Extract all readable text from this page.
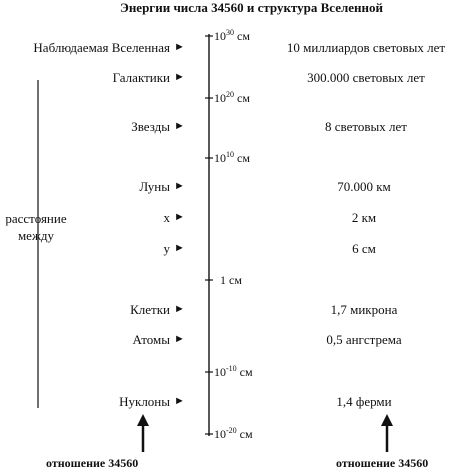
Энергии числа 34560 и структура Вселенной
расстояние
между
Наблюдаемая Вселенная
Галактики
Звезды
Луны
x
y
Клетки
Атомы
Нуклоны
►
►
►
►
►
►
►
►
►
10 миллиардов световых лет
300.000 световых лет
8 световых лет
70.000 км
2 км
6 см
1,7 микрона
0,5 ангстрема
1,4 ферми
$10^{30}$ см
$10^{20}$ см
$10^{10}$ см
1 см
$10^{-10}$ см
$10^{-20}$ см
отношение 34560	отношение 34560
